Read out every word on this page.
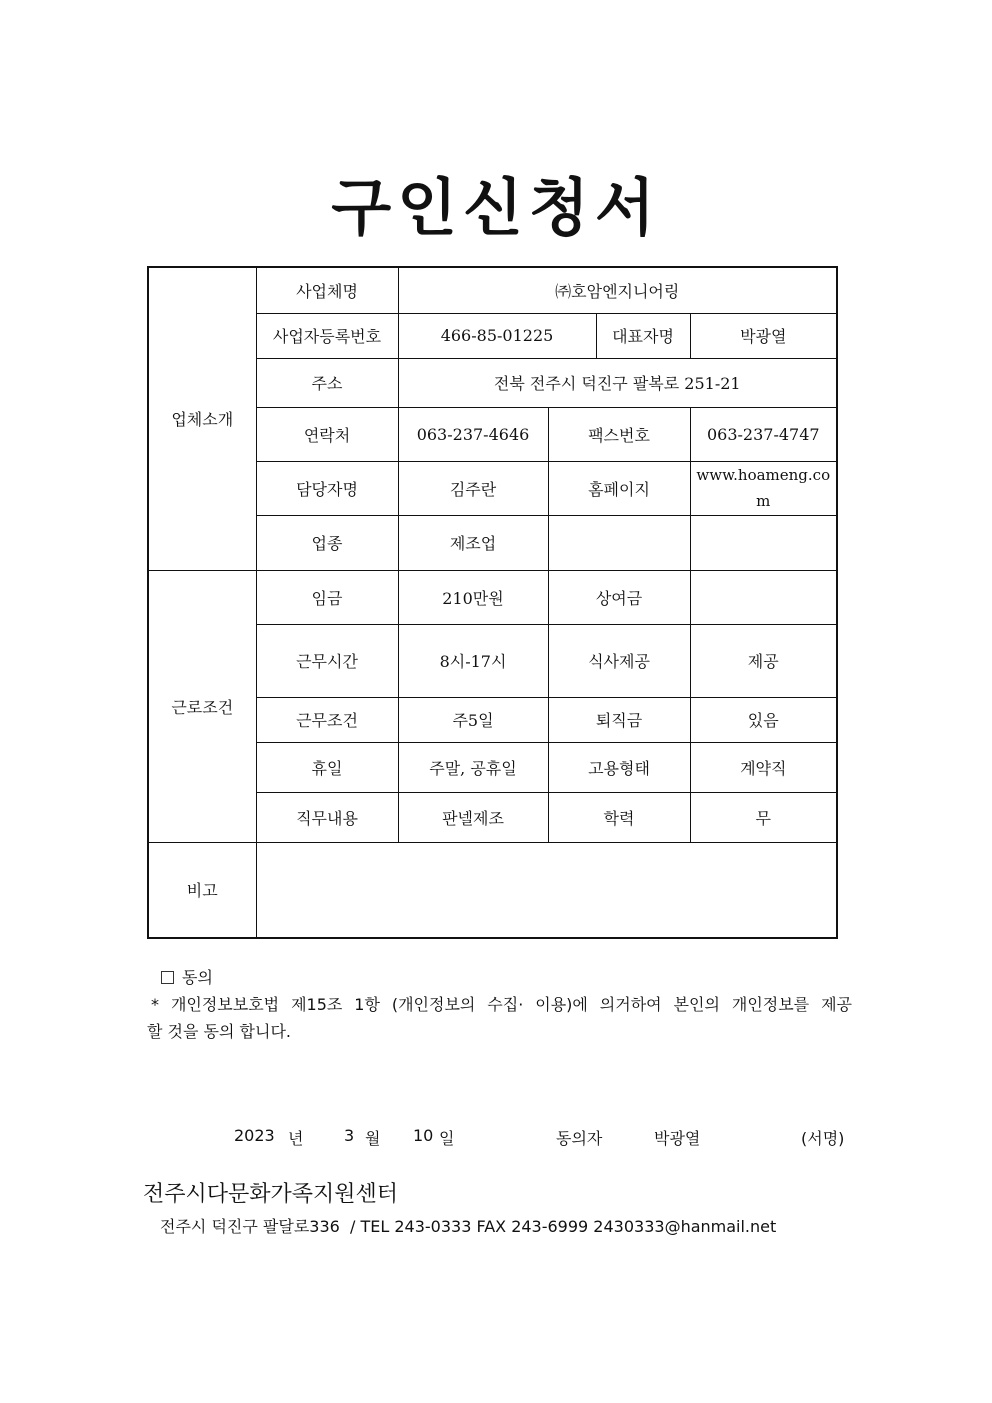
구인신청서
업체소개	사업체명	㈜호암엔지니어링			
	사업자등록번호	466-85-01225		대표자명	박광열
	주소	전북 전주시 덕진구 팔복로 251-21			
	연락처	063-237-4646	팩스번호		063-237-4747
	담당자명	김주란	홈페이지		www.hoameng.com
	업종	제조업			
근로조건	임금	210만원	상여금		
	근무시간	8시-17시	식사제공		제공
	근무조건	주5일	퇴직금		있음
	휴일	주말, 공휴일	고용형태		계약직
	직무내용	판넬제조	학력		무
비고					
동의
* 개인정보보호법 제15조 1항 (개인정보의 수집· 이용)에 의거하여 본인의 개인정보를 제공
할 것을 동의 합니다.
2023 년	3 월 10 일	동의자	박광열	(서명)
전주시다문화가족지원센터
전주시 덕진구 팔달로336  / TEL 243-0333 FAX 243-6999 2430333@hanmail.net
